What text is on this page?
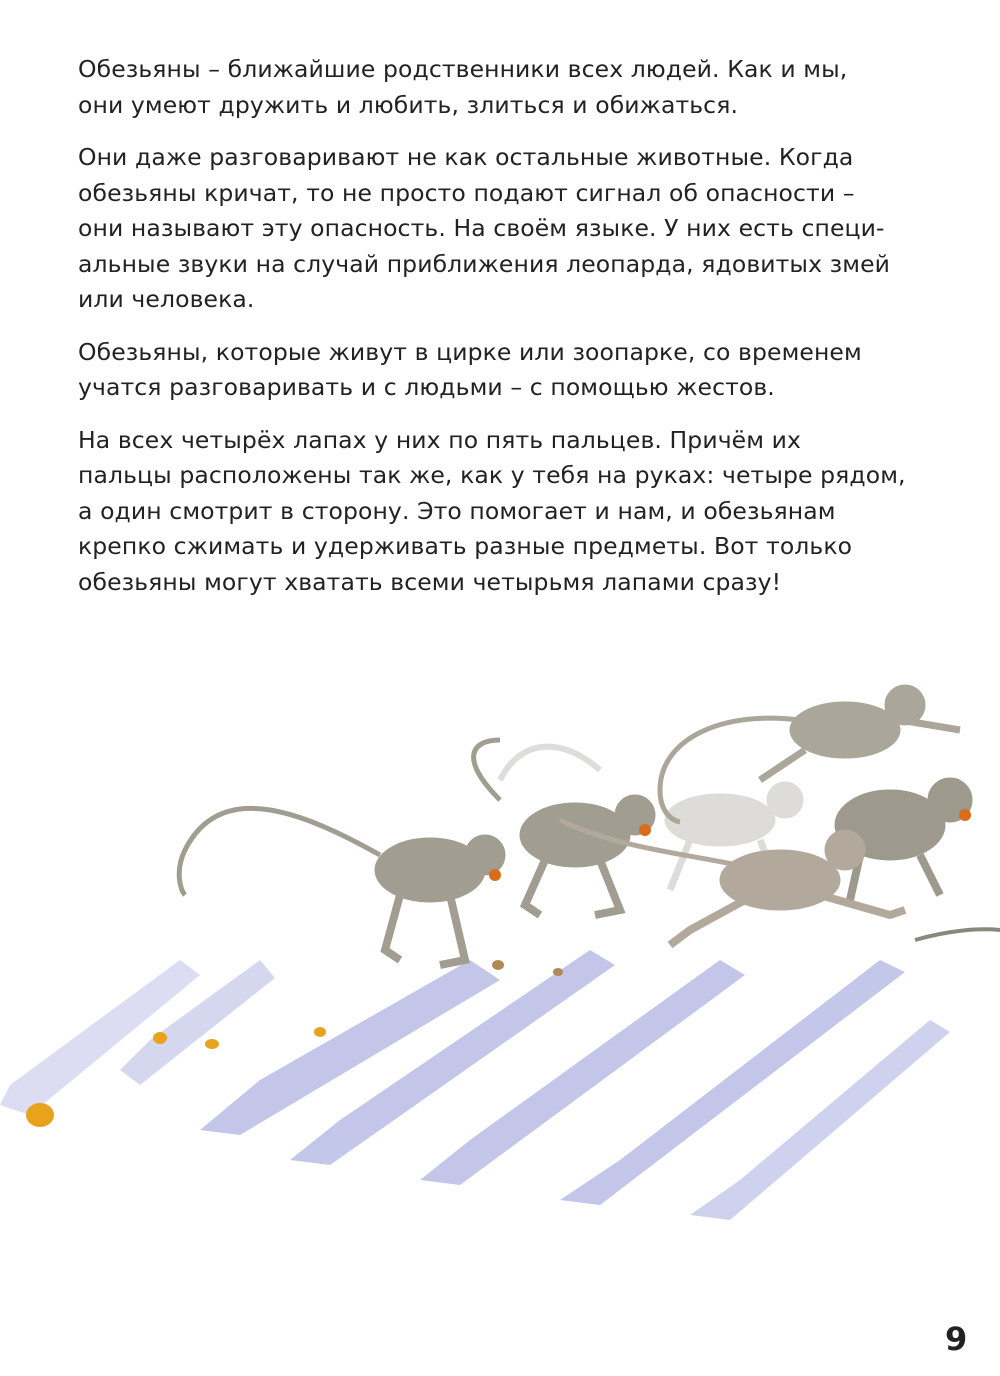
Обезьяны – ближайшие родственники всех людей. Как и мы,
они умеют дружить и любить, злиться и обижаться.

Они даже разговаривают не как остальные животные. Когда
обезьяны кричат, то не просто подают сигнал об опасности –
они называют эту опасность. На своём языке. У них есть специ-
альные звуки на случай приближения леопарда, ядовитых змей
или человека.

Обезьяны, которые живут в цирке или зоопарке, со временем
учатся разговаривать и с людьми – с помощью жестов.

На всех четырёх лапах у них по пять пальцев. Причём их
пальцы расположены так же, как у тебя на руках: четыре рядом,
а один смотрит в сторону. Это помогает и нам, и обезьянам
крепко сжимать и удерживать разные предметы. Вот только
обезьяны могут хватать всеми четырьмя лапами сразу!

9
